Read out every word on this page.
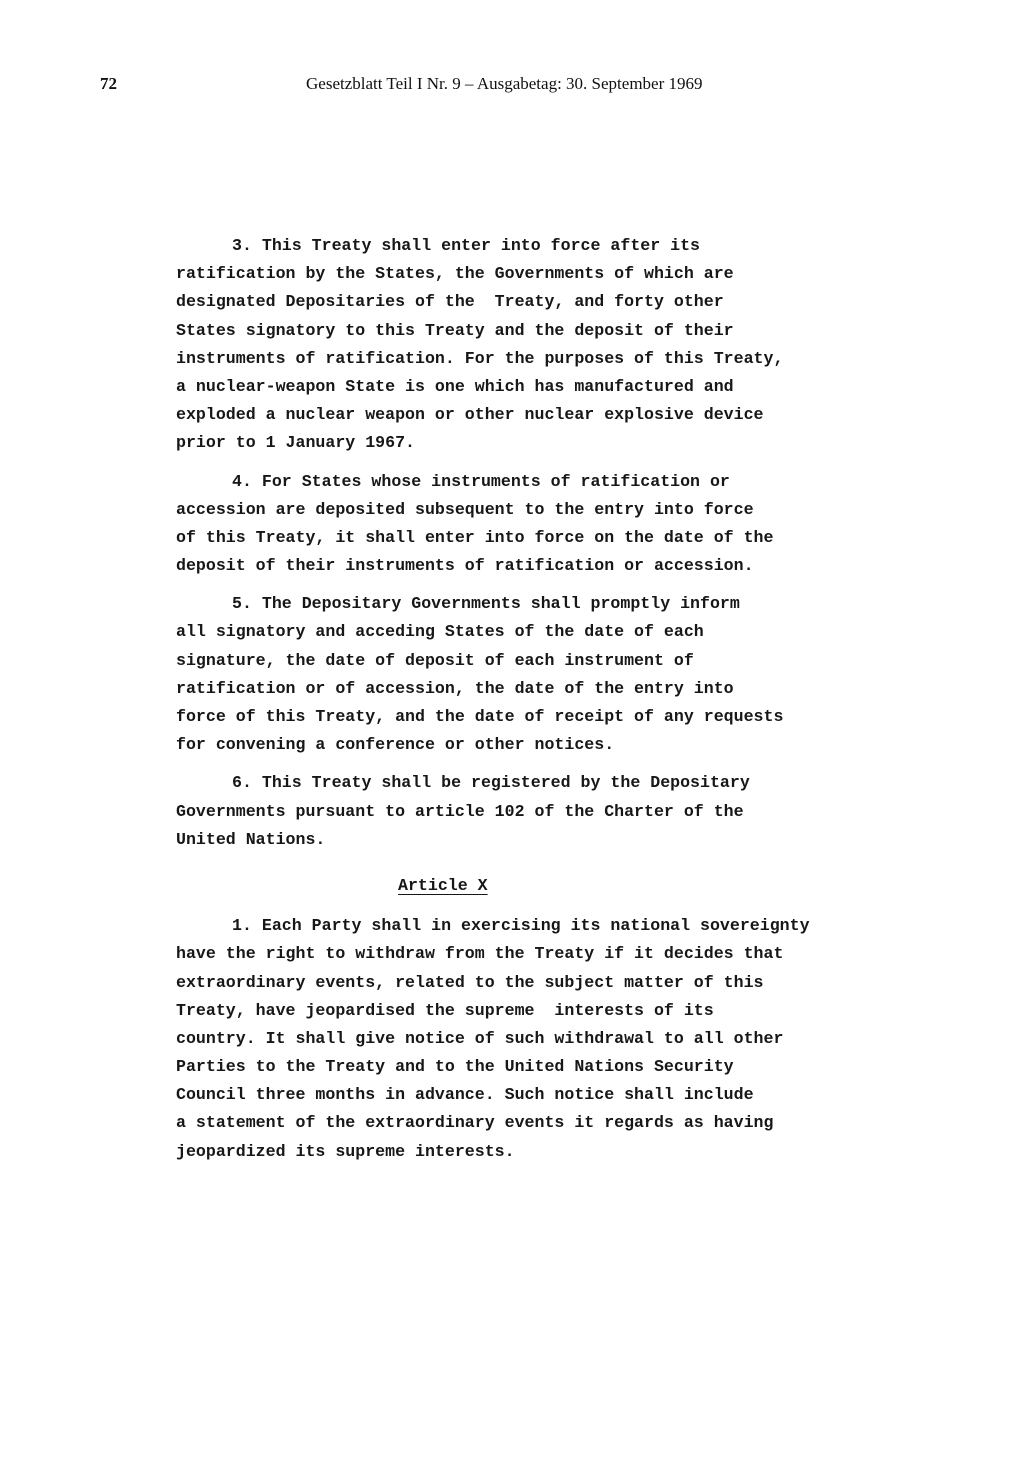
72	Gesetzblatt Teil I Nr. 9 – Ausgabetag: 30. September 1969
3. This Treaty shall enter into force after its
ratification by the States, the Governments of which are
designated Depositaries of the  Treaty, and forty other
States signatory to this Treaty and the deposit of their
instruments of ratification. For the purposes of this Treaty,
a nuclear-weapon State is one which has manufactured and
exploded a nuclear weapon or other nuclear explosive device
prior to 1 January 1967.
4. For States whose instruments of ratification or
accession are deposited subsequent to the entry into force
of this Treaty, it shall enter into force on the date of the
deposit of their instruments of ratification or accession.
5. The Depositary Governments shall promptly inform
all signatory and acceding States of the date of each
signature, the date of deposit of each instrument of
ratification or of accession, the date of the entry into
force of this Treaty, and the date of receipt of any requests
for convening a conference or other notices.
6. This Treaty shall be registered by the Depositary
Governments pursuant to article 102 of the Charter of the
United Nations.
Article X
1. Each Party shall in exercising its national sovereignty
have the right to withdraw from the Treaty if it decides that
extraordinary events, related to the subject matter of this
Treaty, have jeopardised the supreme  interests of its
country. It shall give notice of such withdrawal to all other
Parties to the Treaty and to the United Nations Security
Council three months in advance. Such notice shall include
a statement of the extraordinary events it regards as having
jeopardized its supreme interests.
